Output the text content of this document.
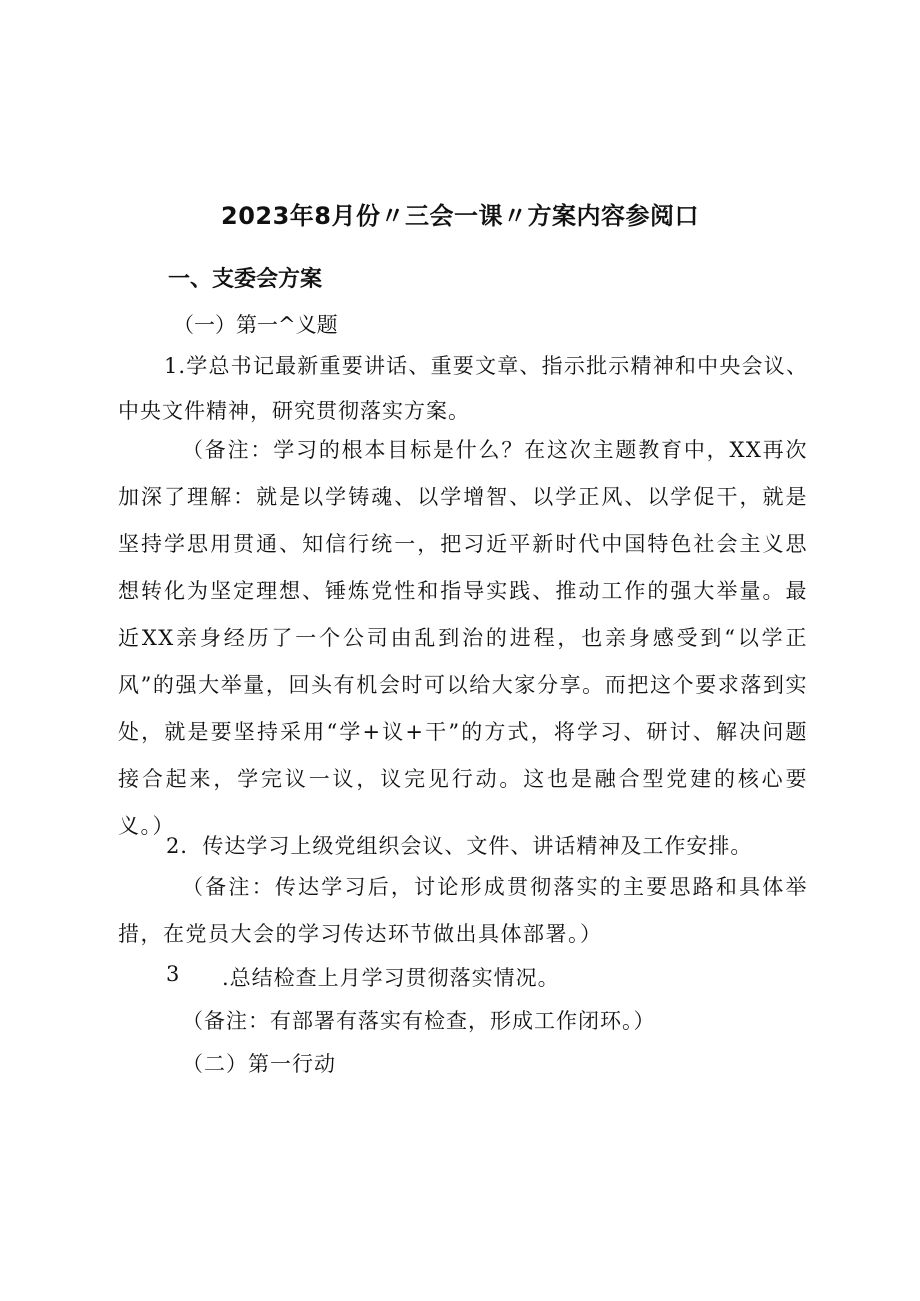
2023年8月份〃三会一课〃方案内容参阅口
一、支委会方案
（一）第一^义题
1.学总书记最新重要讲话、重要文章、指示批示精神和中央会议、中央文件精神，研究贯彻落实方案。
（备注：学习的根本目标是什么？在这次主题教育中，XX再次加深了理解：就是以学铸魂、以学增智、以学正风、以学促干，就是坚持学思用贯通、知信行统一，把习近平新时代中国特色社会主义思想转化为坚定理想、锤炼党性和指导实践、推动工作的强大举量。最近XX亲身经历了一个公司由乱到治的进程，也亲身感受到“以学正风”的强大举量，回头有机会时可以给大家分享。而把这个要求落到实处，就是要坚持采用“学+议+干”的方式，将学习、研讨、解决问题接合起来，学完议一议，议完见行动。这也是融合型党建的核心要义。）
2．传达学习上级党组织会议、文件、讲话精神及工作安排。
（备注：传达学习后，讨论形成贯彻落实的主要思路和具体举措，在党员大会的学习传达环节做出具体部署。）
3 .总结检查上月学习贯彻落实情况。
（备注：有部署有落实有检查，形成工作闭环。）
（二）第一行动
